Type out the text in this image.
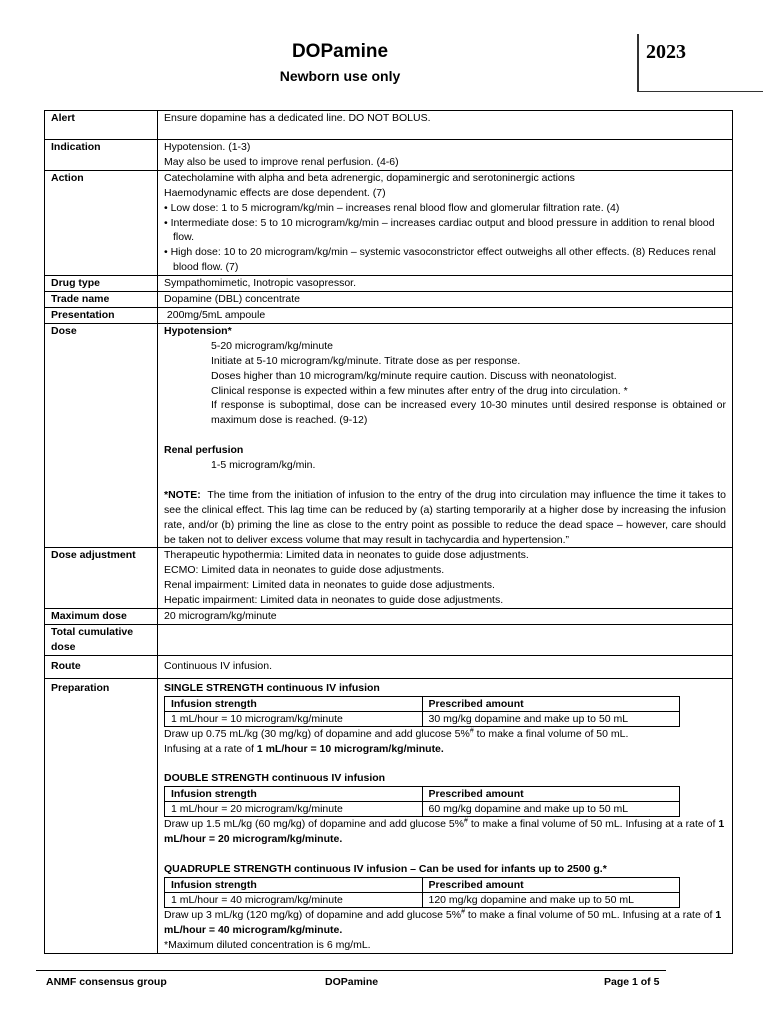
DOPamine
Newborn use only
2023
Alert	Ensure dopamine has a dedicated line. DO NOT BOLUS.
Indication	Hypotension. (1-3)
May also be used to improve renal perfusion. (4-6)

Action	Catecholamine with alpha and beta adrenergic, dopaminergic and serotoninergic actions
Haemodynamic effects are dose dependent. (7)
• Low dose: 1 to 5 microgram/kg/min – increases renal blood flow and glomerular filtration rate. (4)
• Intermediate dose: 5 to 10 microgram/kg/min – increases cardiac output and blood pressure in addition to renal blood flow.
• High dose: 10 to 20 microgram/kg/min – systemic vasoconstrictor effect outweighs all other effects. (8) Reduces renal blood flow. (7)

Drug type	Sympathomimetic, Inotropic vasopressor.
Trade name	Dopamine (DBL) concentrate
Presentation	200mg/5mL ampoule
Dose	Hypotension*
5-20 microgram/kg/minute
Initiate at 5-10 microgram/kg/minute. Titrate dose as per response.
Doses higher than 10 microgram/kg/minute require caution. Discuss with neonatologist.
Clinical response is expected within a few minutes after entry of the drug into circulation. *
If response is suboptimal, dose can be increased every 10-30 minutes until desired response is obtained or maximum dose is reached. (9-12)
Renal perfusion
1-5 microgram/kg/min.
*NOTE:  The time from the initiation of infusion to the entry of the drug into circulation may influence the time it takes to see the clinical effect. This lag time can be reduced by (a) starting temporarily at a higher dose by increasing the infusion rate, and/or (b) priming the line as close to the entry point as possible to reduce the dead space – however, care should be taken not to deliver excess volume that may result in tachycardia and hypertension.”

Dose adjustment	Therapeutic hypothermia: Limited data in neonates to guide dose adjustments.
ECMO: Limited data in neonates to guide dose adjustments.
Renal impairment: Limited data in neonates to guide dose adjustments.
Hepatic impairment: Limited data in neonates to guide dose adjustments.

Maximum dose	20 microgram/kg/minute
Total cumulative dose	
Route	Continuous IV infusion.
Preparation	SINGLE STRENGTH continuous IV infusion
Infusion strength	Prescribed amount
1 mL/hour = 10 microgram/kg/minute	30 mg/kg dopamine and make up to 50 mL
Draw up 0.75 mL/kg (30 mg/kg) of dopamine and add glucose 5%# to make a final volume of 50 mL.
Infusing at a rate of 1 mL/hour = 10 microgram/kg/minute.
DOUBLE STRENGTH continuous IV infusion
Infusion strength	Prescribed amount
1 mL/hour = 20 microgram/kg/minute	60 mg/kg dopamine and make up to 50 mL
Draw up 1.5 mL/kg (60 mg/kg) of dopamine and add glucose 5%# to make a final volume of 50 mL. Infusing at a rate of 1 mL/hour = 20 microgram/kg/minute.
QUADRUPLE STRENGTH continuous IV infusion – Can be used for infants up to 2500 g.*
Infusion strength	Prescribed amount
1 mL/hour = 40 microgram/kg/minute	120 mg/kg dopamine and make up to 50 mL
Draw up 3 mL/kg (120 mg/kg) of dopamine and add glucose 5%# to make a final volume of 50 mL. Infusing at a rate of 1 mL/hour = 40 microgram/kg/minute.
*Maximum diluted concentration is 6 mg/mL.
ANMF consensus group	DOPamine	Page 1 of 5
